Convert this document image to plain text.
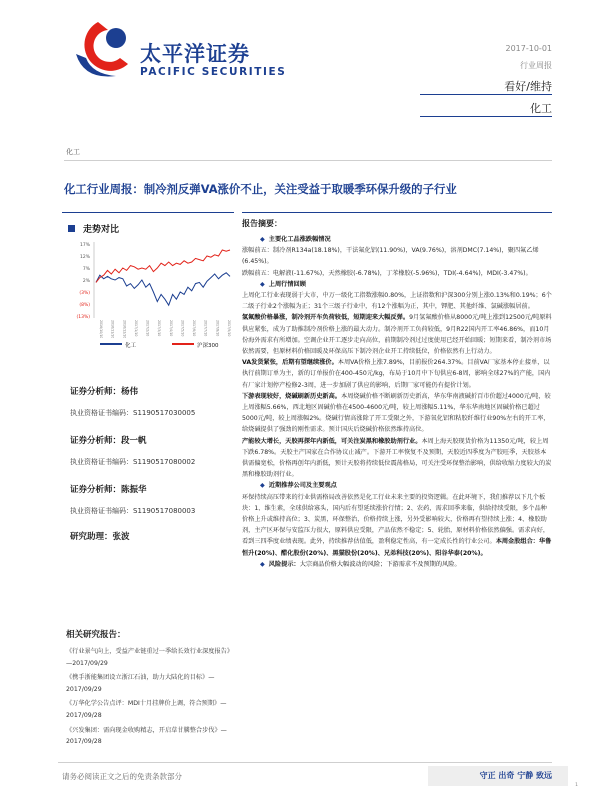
太平洋证券
PACIFIC SECURITIES
2017-10-01
行业周报
看好/维持
化工
化工
化工行业周报：制冷剂反弹VA涨价不止，关注受益于取暖季环保升级的子行业
走势对比
17%
12%
7%
2%
(3%)
(8%)
(13%)
2016/10/10 2016/11/10 2016/12/10 2017/1/10 2017/2/10 2017/3/10 2017/4/10 2017/5/10 2017/6/10 2017/7/10 2017/8/10 2017/9/10
化工	沪深300
证券分析师：杨伟
执业资格证书编码：S1190517030005
证券分析师：段一帆
执业资格证书编码：S1190517080002
证券分析师：陈振华
执业资格证书编码：S1190517080003
研究助理：张波
相关研究报告：
《行业景气向上，受益产业链重过一季给长效行业深度报告》—2017/09/29
《携手浙能集团设立浙江石油，助力大陆化的目标》—2017/09/29
《万华化学公告点评：MDI十月挂牌价上调，符合预期》—2017/09/28
《兴发集团：需向现金收购精志，开启草甘膦整合步伐》—2017/09/28
报告摘要：

◆ 主要化工品涨跌幅情况

涨幅前五：制冷剂R134a(18.18%)，干法氟化铝(11.90%)，VA(9.76%)，溶剂DMC(7.14%)，聚四氟乙烯(6.45%)。

跌幅前五：电解液(-11.67%)，天然橡胶(-6.78%)，丁苯橡胶(-5.96%)，TDI(-4.64%)，MDI(-3.47%)。

◆ 上周行情回顾

上周化工行业表现弱于大市，中万一级化工指数涨幅0.80%，上证指数和沪深300分别上涨0.13%和0.19%；6个二级子行业2个涨幅为正；31个三级子行业中，有12个涨幅为正，其中，钾肥、其他纤维、氯碱涨幅居前。

氢氟酸价格暴涨，制冷剂开车负荷较低，短期迎来大幅反弹。9月氢氟酸价格从8000元/吨上涨到12500元/吨原料供应紧张，成为了助推制冷剂价格上涨的最大动力。制冷剂开工负荷较低，9月R22国内开工率46.86%，而10月份海外需求有所增加。空调企业开工逐步走向高位，前期制冷剂过过度使用已经开始回暖；短期来看，制冷剂市场依然需要，但原材料价格回暖及环保高压下制冷剂企业开工持续低位，价格依然有上行动力。

VA发货紧张，后期有望继续涨价。本周VA价格上涨7.89%，目前报价264.37%。目前VA厂家基本停止接单，以执行前期订单为主，新的订单报价在400-450元/kg，布局于10月中下旬供应6-8周，影响全球27%的产能，国内有厂家计划停产检修2-3周，进一步加剧了供应的影响，后期厂家可能仍有提价计划。

下游表现较好，烧碱刷新历史新高。本周烧碱价格不断刷新历史新高，华东华南液碱折百市价超过4000元/吨，较上周涨幅5.66%，西北地区固碱价格在4500-4600元/吨，较上周涨幅5.11%，华东华南地区固碱价格已超过5000元/吨，较上周涨幅2%。烧碱行情高涨除了开工受限之外，下游氧化铝和粘胶纤维行业90%左右的开工率，给烧碱提供了强劲的刚性需求。预计国庆后烧碱价格依然维持高位。

产能较大增长，天胶再探年内新低，可关注炭黑和橡胶助剂行业。本周上海天胶现货价格为11350元/吨，较上周下跌6.78%。天胶主产国家在合作协议止减产。下游开工率恢复不及预期，天胶近四季度为产胶旺季，天胶基本供需偏宽松，价格再创年内新低，预计天胶将持续低位震荡格局，可关注受环保整治影响，供给收缩力度较大的炭黑和橡胶助剂行业。

◆ 近期推荐公司及主要观点

环保持续高压带来的行业供需格局改善依然是化工行业未来主要的投资逻辑。在此环境下，我们推荐以下几个板块：1、维生素，全球供给寡头，国内后有望延续涨价行情；2、农药，需求回季来临，供给持续受限，多个品种价格上升或维持高位；3、炭黑，环保整治，价格持续上涨，另外受影响较大，价格再有望持续上涨；4、橡胶助剂，主产区环保与安监压力很大，原料供应受限，产品依然不稳定；5、轮胎，原材料价格依然偏强。需求向好，看到三四季度业绩表现。此外，持续推荐估值低，盈利稳定性高，有一定成长性的行业公司。本周金股组合：华鲁恒升(20%)、醋化股份(20%)、黑猫股份(20%)、兄弟科技(20%)、阳谷华泰(20%)。

◆ 风险提示：大宗商品价格大幅波动的风险；下游需求不及预期的风险。

请务必阅读正文之后的免责条款部分	守正 出奇 宁静 致远
1
